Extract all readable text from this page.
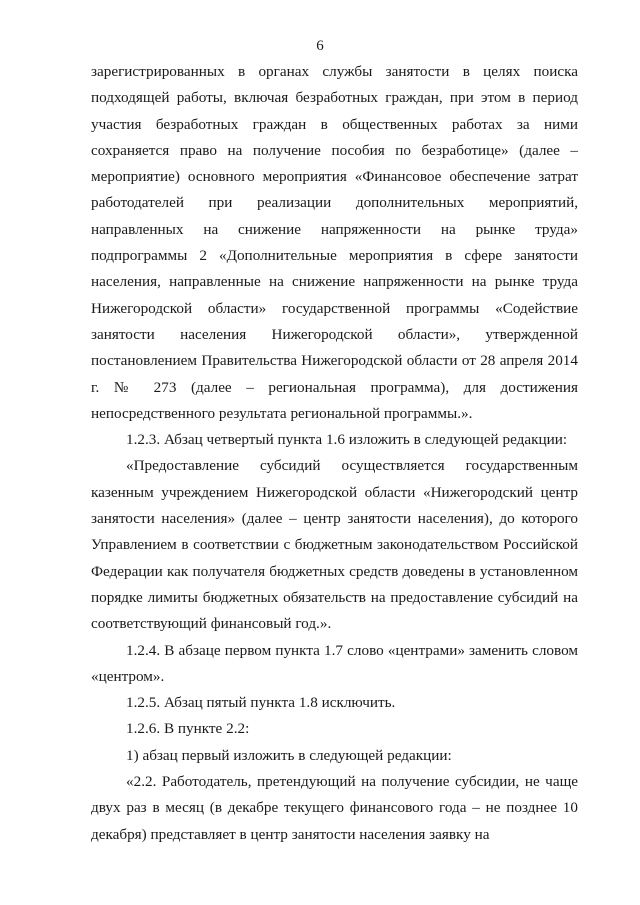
6

зарегистрированных в органах службы занятости в целях поиска подходящей работы, включая безработных граждан, при этом в период участия безработных граждан в общественных работах за ними сохраняется право на получение пособия по безработице» (далее – мероприятие) основного мероприятия «Финансовое обеспечение затрат работодателей при реализации дополнительных мероприятий, направленных на снижение напряженности на рынке труда» подпрограммы 2 «Дополнительные мероприятия в сфере занятости населения, направленные на снижение напряженности на рынке труда Нижегородской области» государственной программы «Содействие занятости населения Нижегородской области», утвержденной постановлением Правительства Нижегородской области от 28 апреля 2014 г. № 273 (далее – региональная программа), для достижения непосредственного результата региональной программы.».

1.2.3. Абзац четвертый пункта 1.6 изложить в следующей редакции:

«Предоставление субсидий осуществляется государственным казенным учреждением Нижегородской области «Нижегородский центр занятости населения» (далее – центр занятости населения), до которого Управлением в соответствии с бюджетным законодательством Российской Федерации как получателя бюджетных средств доведены в установленном порядке лимиты бюджетных обязательств на предоставление субсидий на соответствующий финансовый год.».

1.2.4. В абзаце первом пункта 1.7 слово «центрами» заменить словом «центром».

1.2.5. Абзац пятый пункта 1.8 исключить.

1.2.6. В пункте 2.2:

1) абзац первый изложить в следующей редакции:

«2.2. Работодатель, претендующий на получение субсидии, не чаще двух раз в месяц (в декабре текущего финансового года – не позднее 10 декабря) представляет в центр занятости населения заявку на
